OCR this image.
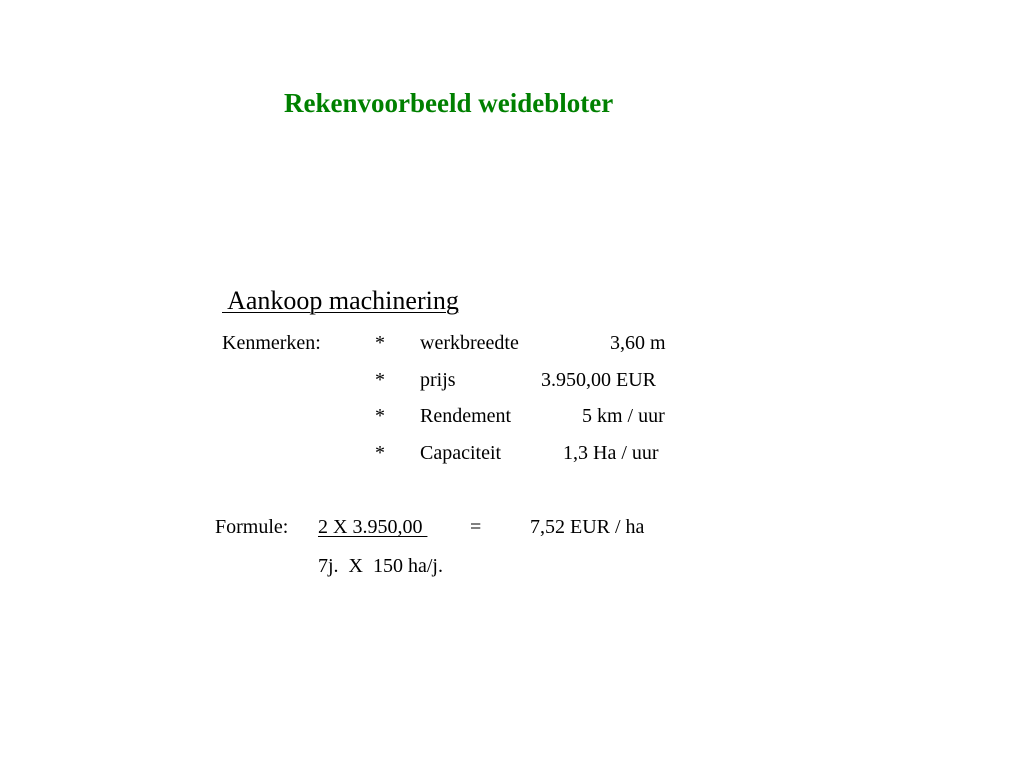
Rekenvoorbeeld weidebloter
Aankoop machinering
Kenmerken:	* werkbreedte	3,60 m
* prijs	3.950,00 EUR
* Rendement	5 km / uur
* Capaciteit	1,3 Ha / uur
Formule: 2 X 3.950,00 = 7,52 EUR / ha
7j.  X  150 ha/j.
